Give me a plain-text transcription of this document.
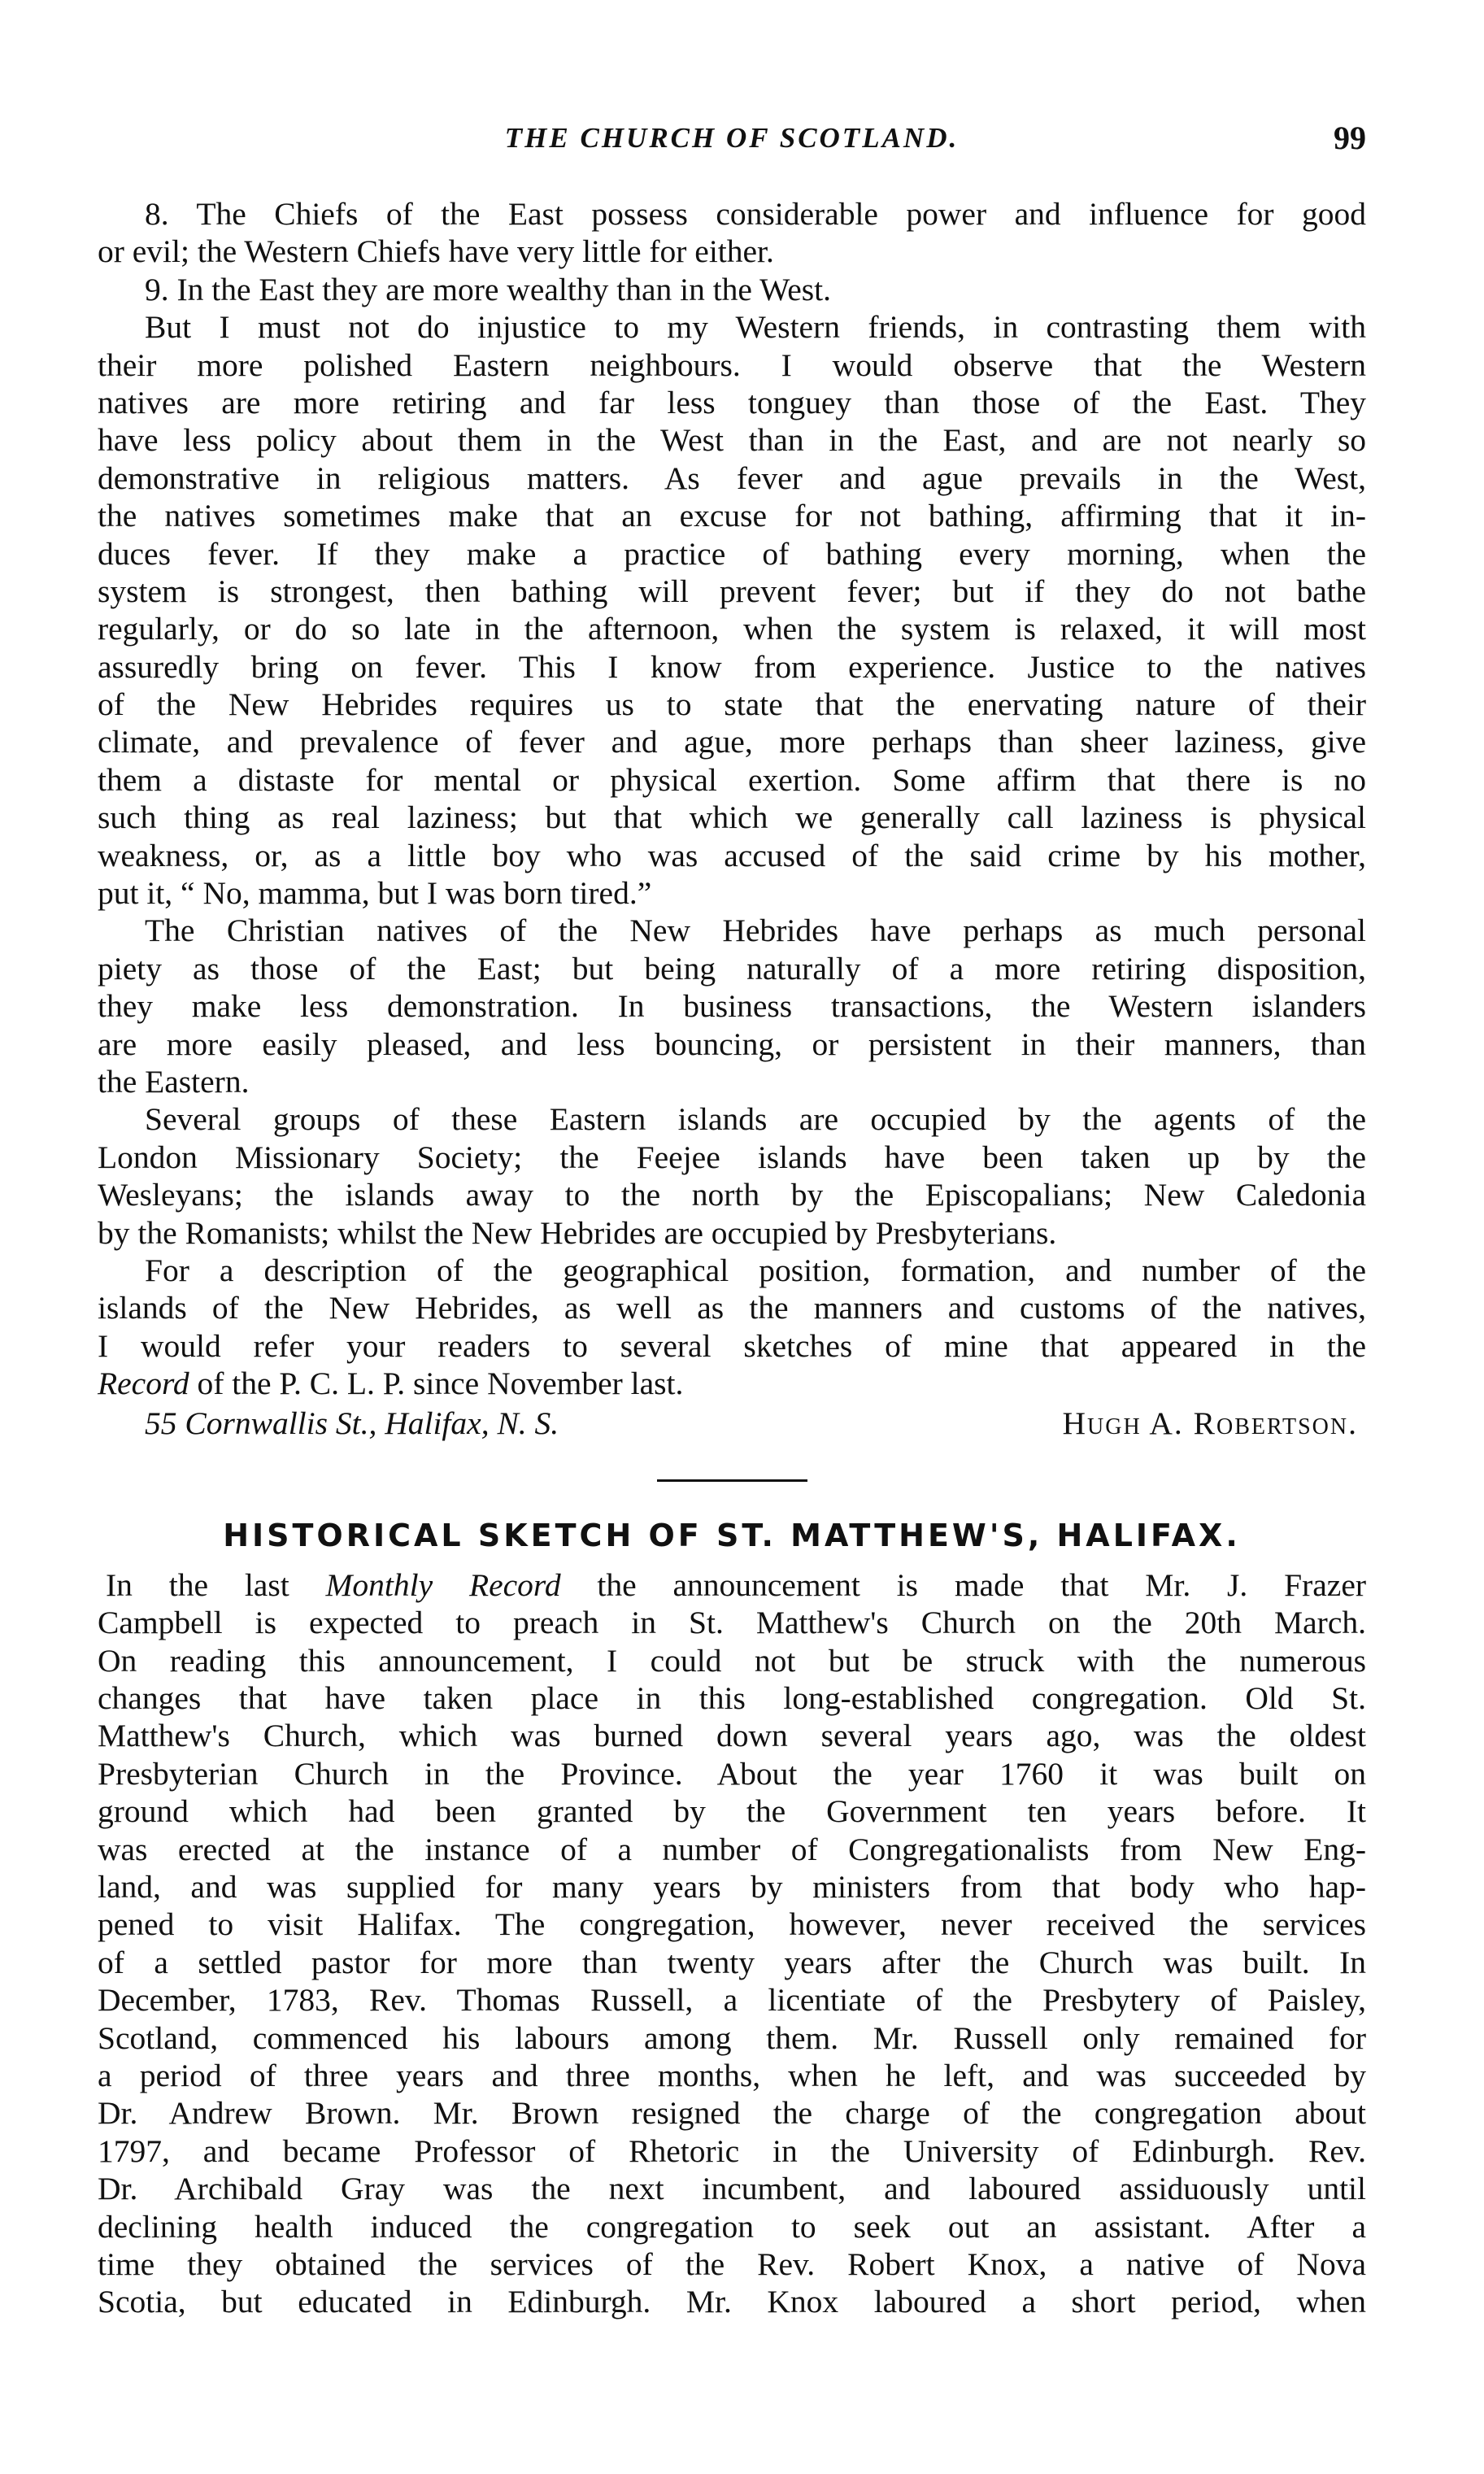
THE CHURCH OF SCOTLAND.	99
8. The Chiefs of the East possess considerable power and influence for good
or evil; the Western Chiefs have very little for either.
9. In the East they are more wealthy than in the West.
But I must not do injustice to my Western friends, in contrasting them with
their more polished Eastern neighbours. I would observe that the Western
natives are more retiring and far less tonguey than those of the East. They
have less policy about them in the West than in the East, and are not nearly so
demonstrative in religious matters. As fever and ague prevails in the West,
the natives sometimes make that an excuse for not bathing, affirming that it in-
duces fever. If they make a practice of bathing every morning, when the
system is strongest, then bathing will prevent fever; but if they do not bathe
regularly, or do so late in the afternoon, when the system is relaxed, it will most
assuredly bring on fever. This I know from experience. Justice to the natives
of the New Hebrides requires us to state that the enervating nature of their
climate, and prevalence of fever and ague, more perhaps than sheer laziness, give
them a distaste for mental or physical exertion. Some affirm that there is no
such thing as real laziness; but that which we generally call laziness is physical
weakness, or, as a little boy who was accused of the said crime by his mother,
put it, “ No, mamma, but I was born tired.”
The Christian natives of the New Hebrides have perhaps as much personal
piety as those of the East; but being naturally of a more retiring disposition,
they make less demonstration. In business transactions, the Western islanders
are more easily pleased, and less bouncing, or persistent in their manners, than
the Eastern.
Several groups of these Eastern islands are occupied by the agents of the
London Missionary Society; the Feejee islands have been taken up by the
Wesleyans; the islands away to the north by the Episcopalians; New Caledonia
by the Romanists; whilst the New Hebrides are occupied by Presbyterians.
For a description of the geographical position, formation, and number of the
islands of the New Hebrides, as well as the manners and customs of the natives,
I would refer your readers to several sketches of mine that appeared in the
Record of the P. C. L. P. since November last.
55 Cornwallis St., Halifax, N. S.	Hugh A. Robertson.
HISTORICAL SKETCH OF ST. MATTHEW'S, HALIFAX.
In the last Monthly Record the announcement is made that Mr. J. Frazer
Campbell is expected to preach in St. Matthew's Church on the 20th March.
On reading this announcement, I could not but be struck with the numerous
changes that have taken place in this long-established congregation. Old St.
Matthew's Church, which was burned down several years ago, was the oldest
Presbyterian Church in the Province. About the year 1760 it was built on
ground which had been granted by the Government ten years before. It
was erected at the instance of a number of Congregationalists from New Eng-
land, and was supplied for many years by ministers from that body who hap-
pened to visit Halifax. The congregation, however, never received the services
of a settled pastor for more than twenty years after the Church was built. In
December, 1783, Rev. Thomas Russell, a licentiate of the Presbytery of Paisley,
Scotland, commenced his labours among them. Mr. Russell only remained for
a period of three years and three months, when he left, and was succeeded by
Dr. Andrew Brown. Mr. Brown resigned the charge of the congregation about
1797, and became Professor of Rhetoric in the University of Edinburgh. Rev.
Dr. Archibald Gray was the next incumbent, and laboured assiduously until
declining health induced the congregation to seek out an assistant. After a
time they obtained the services of the Rev. Robert Knox, a native of Nova
Scotia, but educated in Edinburgh. Mr. Knox laboured a short period, when
